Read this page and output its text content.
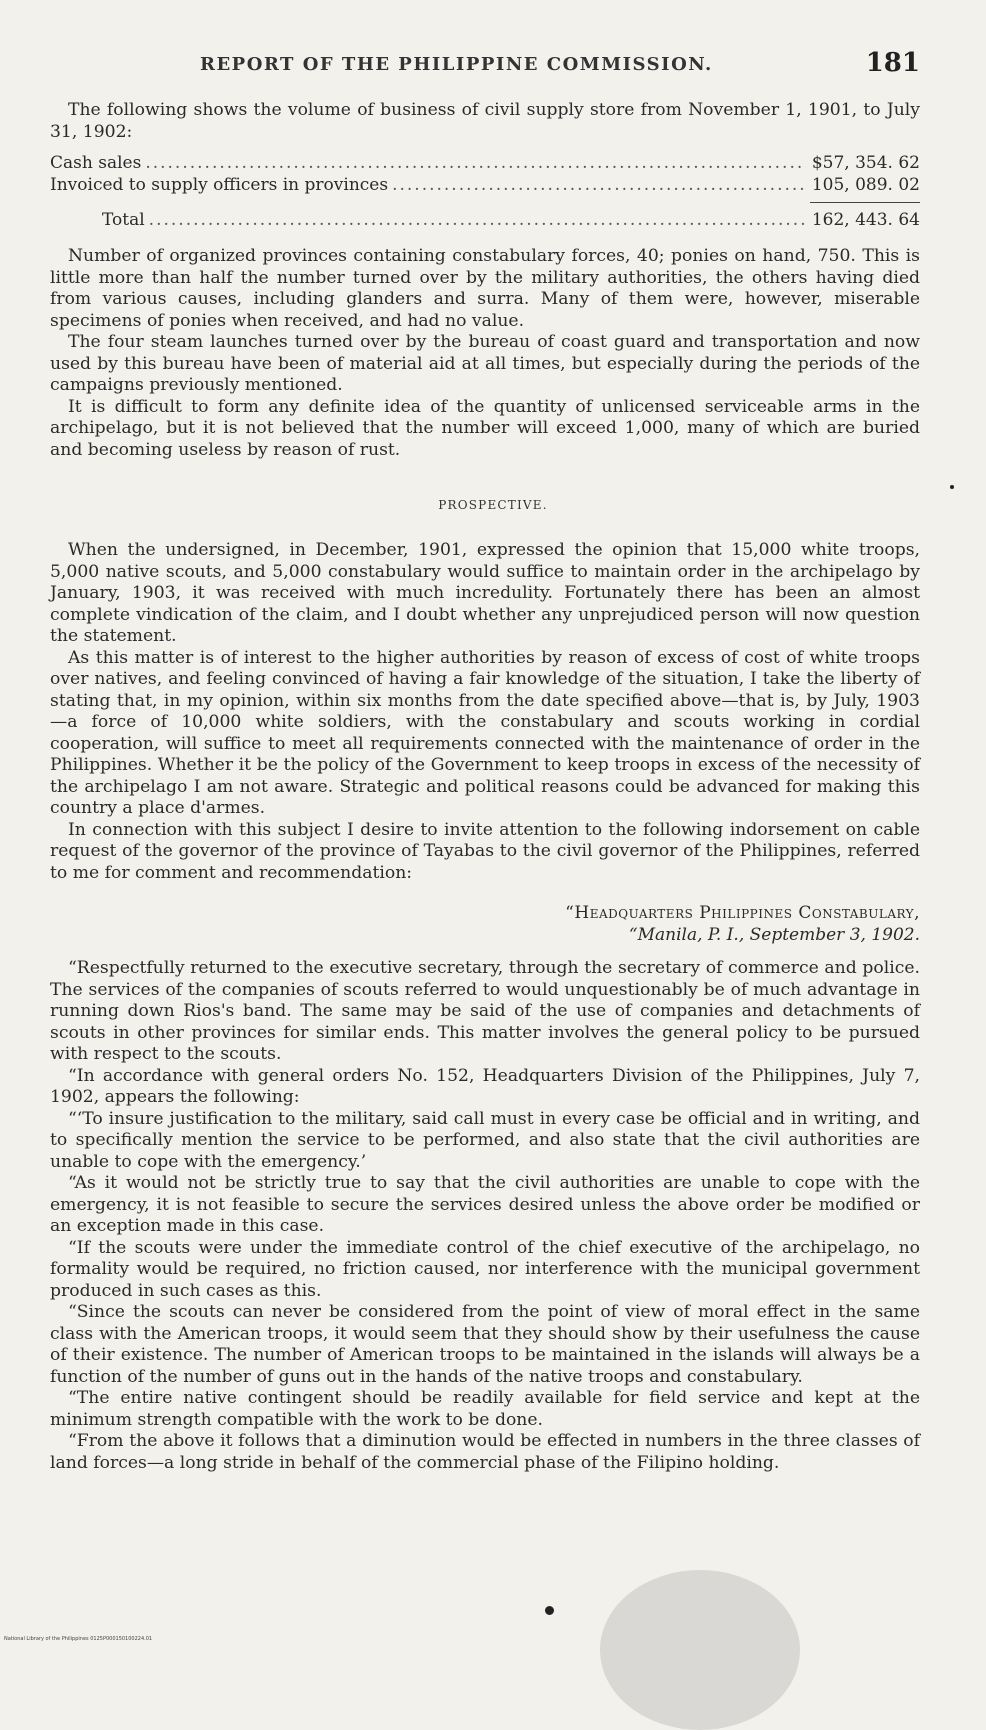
REPORT OF THE PHILIPPINE COMMISSION.	181

The following shows the volume of business of civil supply store from November 1, 1901, to July 31, 1902:

Cash sales .....	$57, 354. 62
Invoiced to supply officers in provinces .....	105, 089. 02
Total .....	162, 443. 64

Number of organized provinces containing constabulary forces, 40; ponies on hand, 750. This is little more than half the number turned over by the military authorities, the others having died from various causes, including glanders and surra. Many of them were, however, miserable specimens of ponies when received, and had no value.

The four steam launches turned over by the bureau of coast guard and transportation and now used by this bureau have been of material aid at all times, but especially during the periods of the campaigns previously mentioned.

It is difficult to form any definite idea of the quantity of unlicensed serviceable arms in the archipelago, but it is not believed that the number will exceed 1,000, many of which are buried and becoming useless by reason of rust.

PROSPECTIVE.

When the undersigned, in December, 1901, expressed the opinion that 15,000 white troops, 5,000 native scouts, and 5,000 constabulary would suffice to maintain order in the archipelago by January, 1903, it was received with much incredulity. Fortunately there has been an almost complete vindication of the claim, and I doubt whether any unprejudiced person will now question the statement.

As this matter is of interest to the higher authorities by reason of excess of cost of white troops over natives, and feeling convinced of having a fair knowledge of the situation, I take the liberty of stating that, in my opinion, within six months from the date specified above—that is, by July, 1903—a force of 10,000 white soldiers, with the constabulary and scouts working in cordial cooperation, will suffice to meet all requirements connected with the maintenance of order in the Philippines. Whether it be the policy of the Government to keep troops in excess of the necessity of the archipelago I am not aware. Strategic and political reasons could be advanced for making this country a place d'armes.

In connection with this subject I desire to invite attention to the following indorsement on cable request of the governor of the province of Tayabas to the civil governor of the Philippines, referred to me for comment and recommendation:

“Headquarters Philippines Constabulary,
“Manila, P. I., September 3, 1902.

“Respectfully returned to the executive secretary, through the secretary of commerce and police. The services of the companies of scouts referred to would unquestionably be of much advantage in running down Rios's band. The same may be said of the use of companies and detachments of scouts in other provinces for similar ends. This matter involves the general policy to be pursued with respect to the scouts.

“In accordance with general orders No. 152, Headquarters Division of the Philippines, July 7, 1902, appears the following:

“‘To insure justification to the military, said call must in every case be official and in writing, and to specifically mention the service to be performed, and also state that the civil authorities are unable to cope with the emergency.’

“As it would not be strictly true to say that the civil authorities are unable to cope with the emergency, it is not feasible to secure the services desired unless the above order be modified or an exception made in this case.

“If the scouts were under the immediate control of the chief executive of the archipelago, no formality would be required, no friction caused, nor interference with the municipal government produced in such cases as this.

“Since the scouts can never be considered from the point of view of moral effect in the same class with the American troops, it would seem that they should show by their usefulness the cause of their existence. The number of American troops to be maintained in the islands will always be a function of the number of guns out in the hands of the native troops and constabulary.

“The entire native contingent should be readily available for field service and kept at the minimum strength compatible with the work to be done.

“From the above it follows that a diminution would be effected in numbers in the three classes of land forces—a long stride in behalf of the commercial phase of the Filipino holding.

National Library of the Philippines 0125P000150100224.01
